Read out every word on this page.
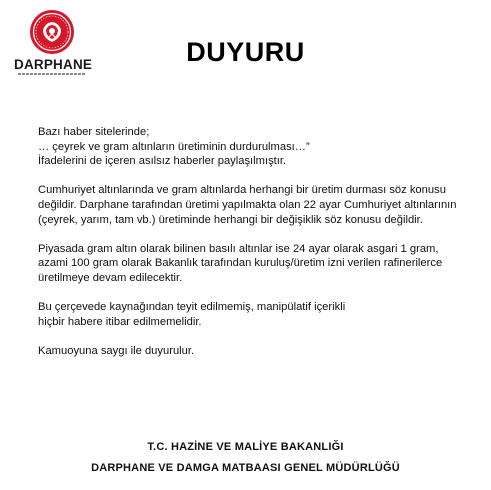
DARPHANE	DUYURU
Bazı haber sitelerinde;
… çeyrek ve gram altınların üretiminin durdurulması…”
İfadelerini de içeren asılsız haberler paylaşılmıştır.
Cumhuriyet altınlarında ve gram altınlarda herhangi bir üretim durması söz konusu
değildir. Darphane tarafından üretimi yapılmakta olan 22 ayar Cumhuriyet altınlarının
(çeyrek, yarım, tam vb.) üretiminde herhangi bir değişiklik söz konusu değildir.
Piyasada gram altın olarak bilinen basılı altınlar ise 24 ayar olarak asgari 1 gram,
azami 100 gram olarak Bakanlık tarafından kuruluş/üretim izni verilen rafinerilerce
üretilmeye devam edilecektir.
Bu çerçevede kaynağından teyit edilmemiş, manipülatif içerikli
hiçbir habere itibar edilmemelidir.
Kamuoyuna saygı ile duyurulur.
T.C. HAZİNE VE MALİYE BAKANLIĞI
DARPHANE VE DAMGA MATBAASI GENEL MÜDÜRLÜĞÜ
